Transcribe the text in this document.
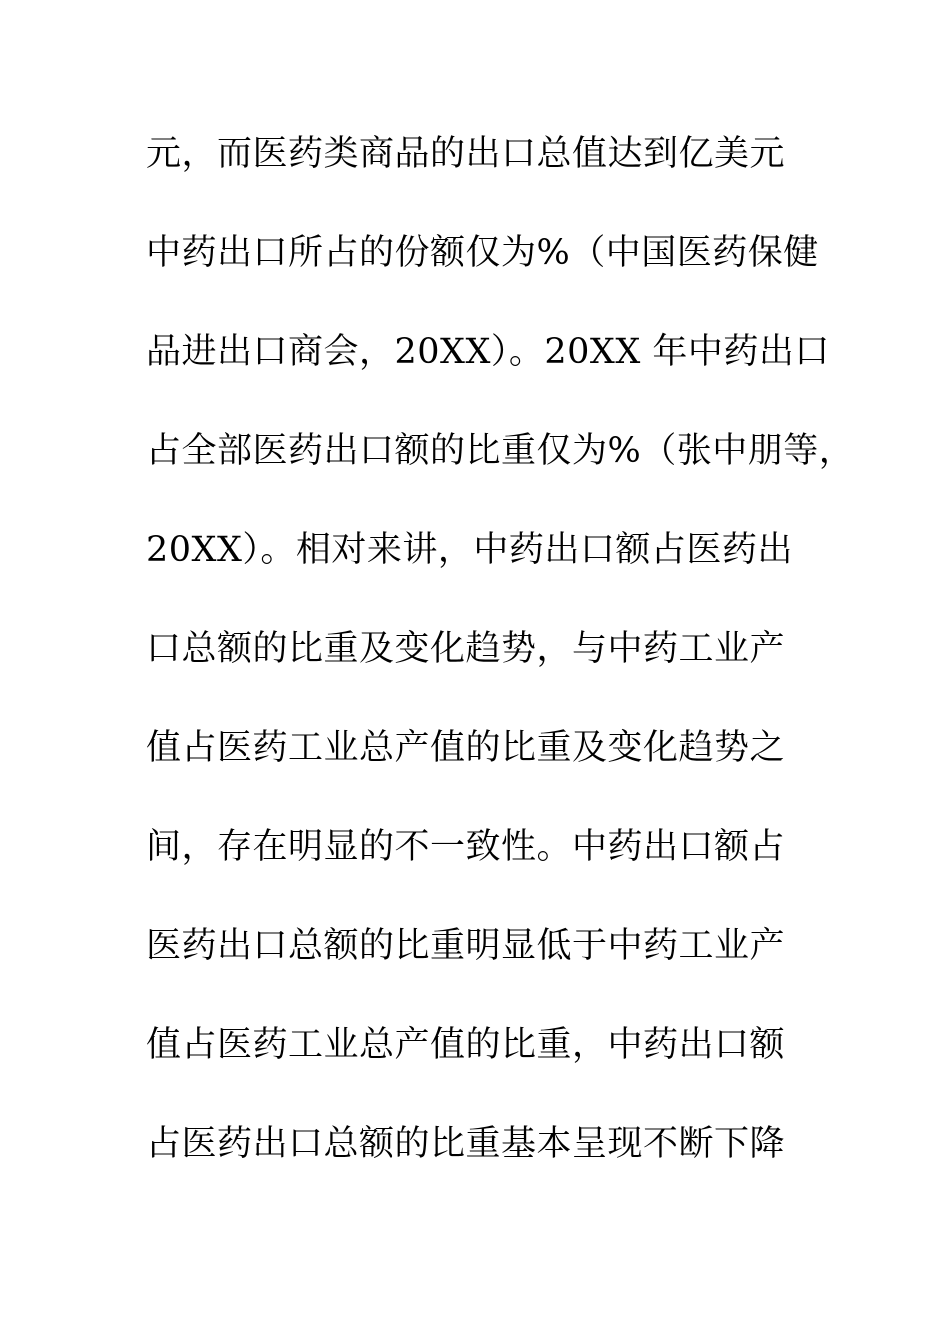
元，而医药类商品的出口总值达到亿美元
中药出口所占的份额仅为%（中国医药保健
品进出口商会，20XX）。20XX 年中药出口
占全部医药出口额的比重仅为%（张中朋等，
20XX）。相对来讲，中药出口额占医药出
口总额的比重及变化趋势，与中药工业产
值占医药工业总产值的比重及变化趋势之
间，存在明显的不一致性。中药出口额占
医药出口总额的比重明显低于中药工业产
值占医药工业总产值的比重，中药出口额
占医药出口总额的比重基本呈现不断下降
